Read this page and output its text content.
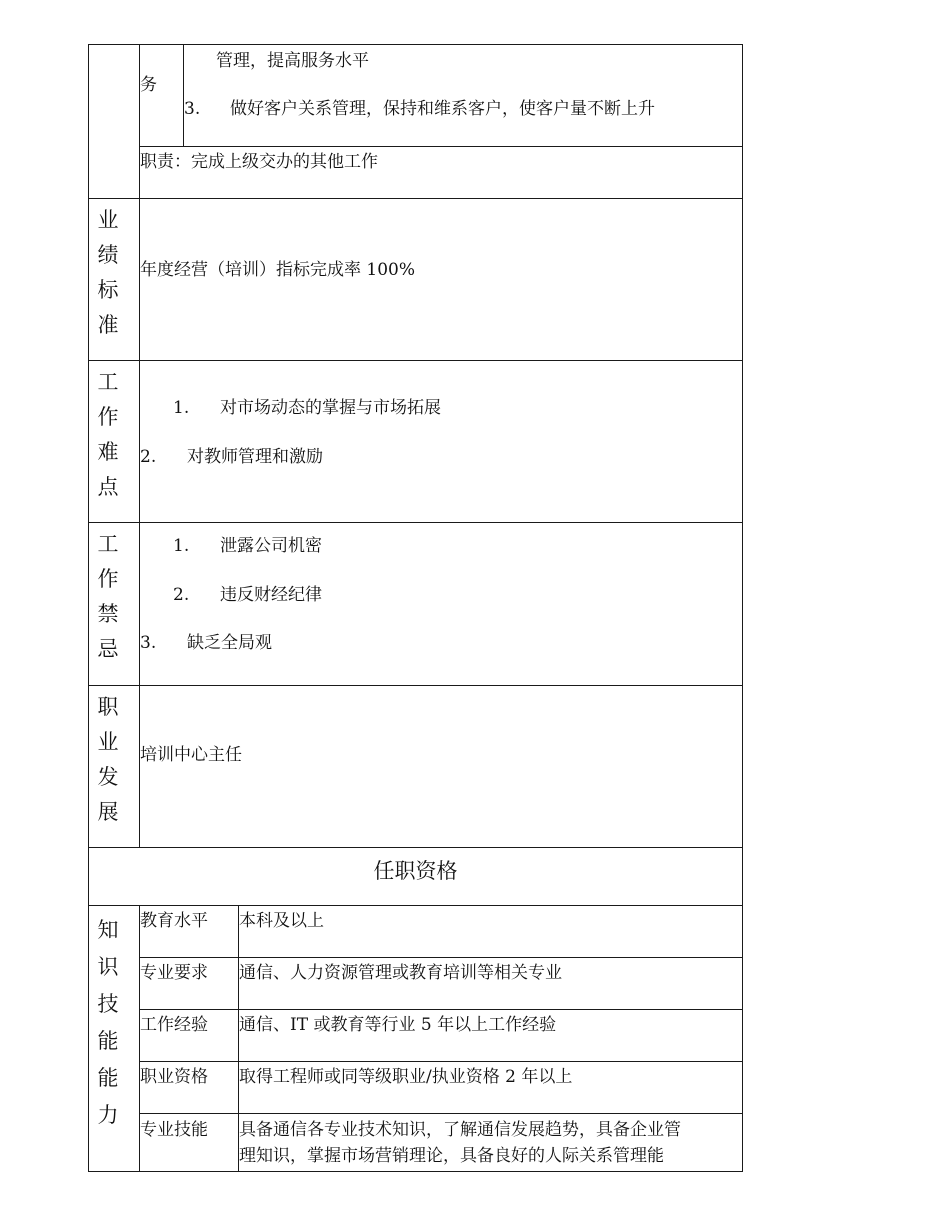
务
管理，提高服务水平
3. 做好客户关系管理，保持和维系客户，使客户量不断上升
职责：完成上级交办的其他工作
业
绩
标
准
年度经营（培训）指标完成率 100%
工
作
难
点
1. 对市场动态的掌握与市场拓展
2. 对教师管理和激励
工
作
禁
忌
1. 泄露公司机密
2. 违反财经纪律
3. 缺乏全局观
职
业
发
展
培训中心主任
任职资格
知
识
技
能
能
力
教育水平 本科及以上
专业要求 通信、人力资源管理或教育培训等相关专业
工作经验 通信、IT 或教育等行业 5 年以上工作经验
职业资格 取得工程师或同等级职业/执业资格 2 年以上
专业技能 具备通信各专业技术知识，了解通信发展趋势，具备企业管
理知识，掌握市场营销理论，具备良好的人际关系管理能
